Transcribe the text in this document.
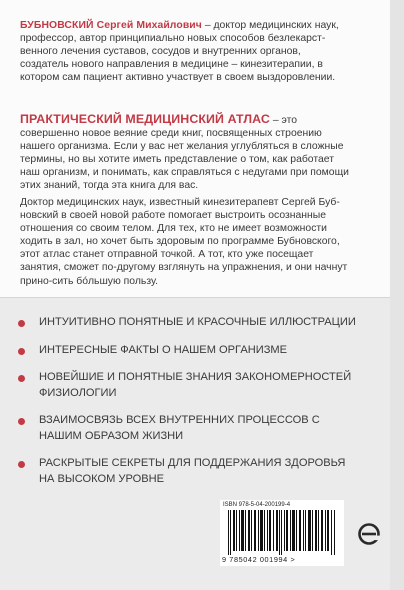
БУБНОВСКИЙ Сергей Михайлович – доктор медицинских наук, профессор, автор принципиально новых способов безлекарст-венного лечения суставов, сосудов и внутренних органов, создатель нового направления в медицине – кинезитерапии, в котором сам пациент активно участвует в своем выздоровлении.

ПРАКТИЧЕСКИЙ МЕДИЦИНСКИЙ АТЛАС – это совершенно новое веяние среди книг, посвященных строению нашего организма. Если у вас нет желания углубляться в сложные термины, но вы хотите иметь представление о том, как работает наш организм, и понимать, как справляться с недугами при помощи этих знаний, тогда эта книга для вас.

Доктор медицинских наук, известный кинезитерапевт Сергей Буб-новский в своей новой работе помогает выстроить осознанные отношения со своим телом. Для тех, кто не имеет возможности ходить в зал, но хочет быть здоровым по программе Бубновского, этот атлас станет отправной точкой. А тот, кто уже посещает занятия, сможет по-другому взглянуть на упражнения, и они начнут прино-сить бóльшую пользу.

ИНТУИТИВНО ПОНЯТНЫЕ И КРАСОЧНЫЕ ИЛЛЮСТРАЦИИ
ИНТЕРЕСНЫЕ ФАКТЫ О НАШЕМ ОРГАНИЗМЕ
НОВЕЙШИЕ И ПОНЯТНЫЕ ЗНАНИЯ ЗАКОНОМЕРНОСТЕЙ ФИЗИОЛОГИИ
ВЗАИМОСВЯЗЬ ВСЕХ ВНУТРЕННИХ ПРОЦЕССОВ С НАШИМ ОБРАЗОМ ЖИЗНИ
РАСКРЫТЫЕ СЕКРЕТЫ ДЛЯ ПОДДЕРЖАНИЯ ЗДОРОВЬЯ НА ВЫСОКОМ УРОВНЕ
ISBN 978-5-04-200199-4
9 785042 001994 >
